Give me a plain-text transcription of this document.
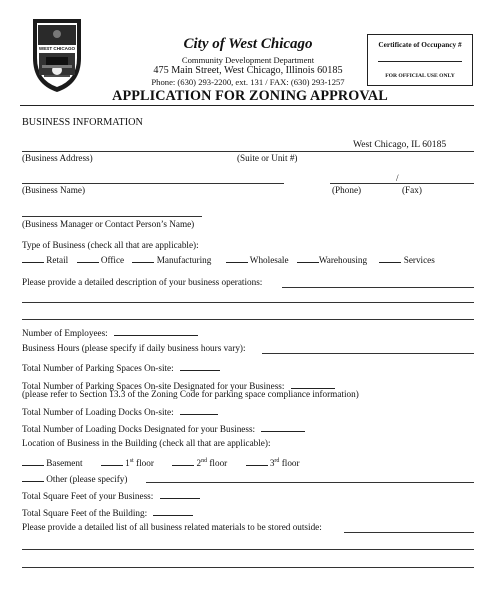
WEST CHICAGO	City of West Chicago
Community Development Department
475 Main Street, West Chicago, Illinois 60185
Phone: (630) 293-2200, ext. 131 / FAX: (630) 293-1257
APPLICATION FOR ZONING APPROVAL
Certificate of Occupancy #
FOR OFFICIAL USE ONLY
BUSINESS INFORMATION
West Chicago, IL 60185
(Business Address)	(Suite or Unit #)
/
(Business Name)	(Phone)	(Fax)
(Business Manager or Contact Person’s Name)
Type of Business (check all that are applicable):
Retail	Office	Manufacturing	Wholesale	Warehousing	Services
Please provide a detailed description of your business operations:
Number of Employees:
Business Hours (please specify if daily business hours vary):
Total Number of Parking Spaces On-site:
Total Number of Parking Spaces On-site Designated for your Business:
(please refer to Section 13.3 of the Zoning Code for parking space compliance information)
Total Number of Loading Docks On-site:
Total Number of Loading Docks Designated for your Business:
Location of Business in the Building (check all that are applicable):
Basement	1st floor	2nd floor	3rd floor
Other (please specify)
Total Square Feet of your Business:
Total Square Feet of the Building:
Please provide a detailed list of all business related materials to be stored outside:
